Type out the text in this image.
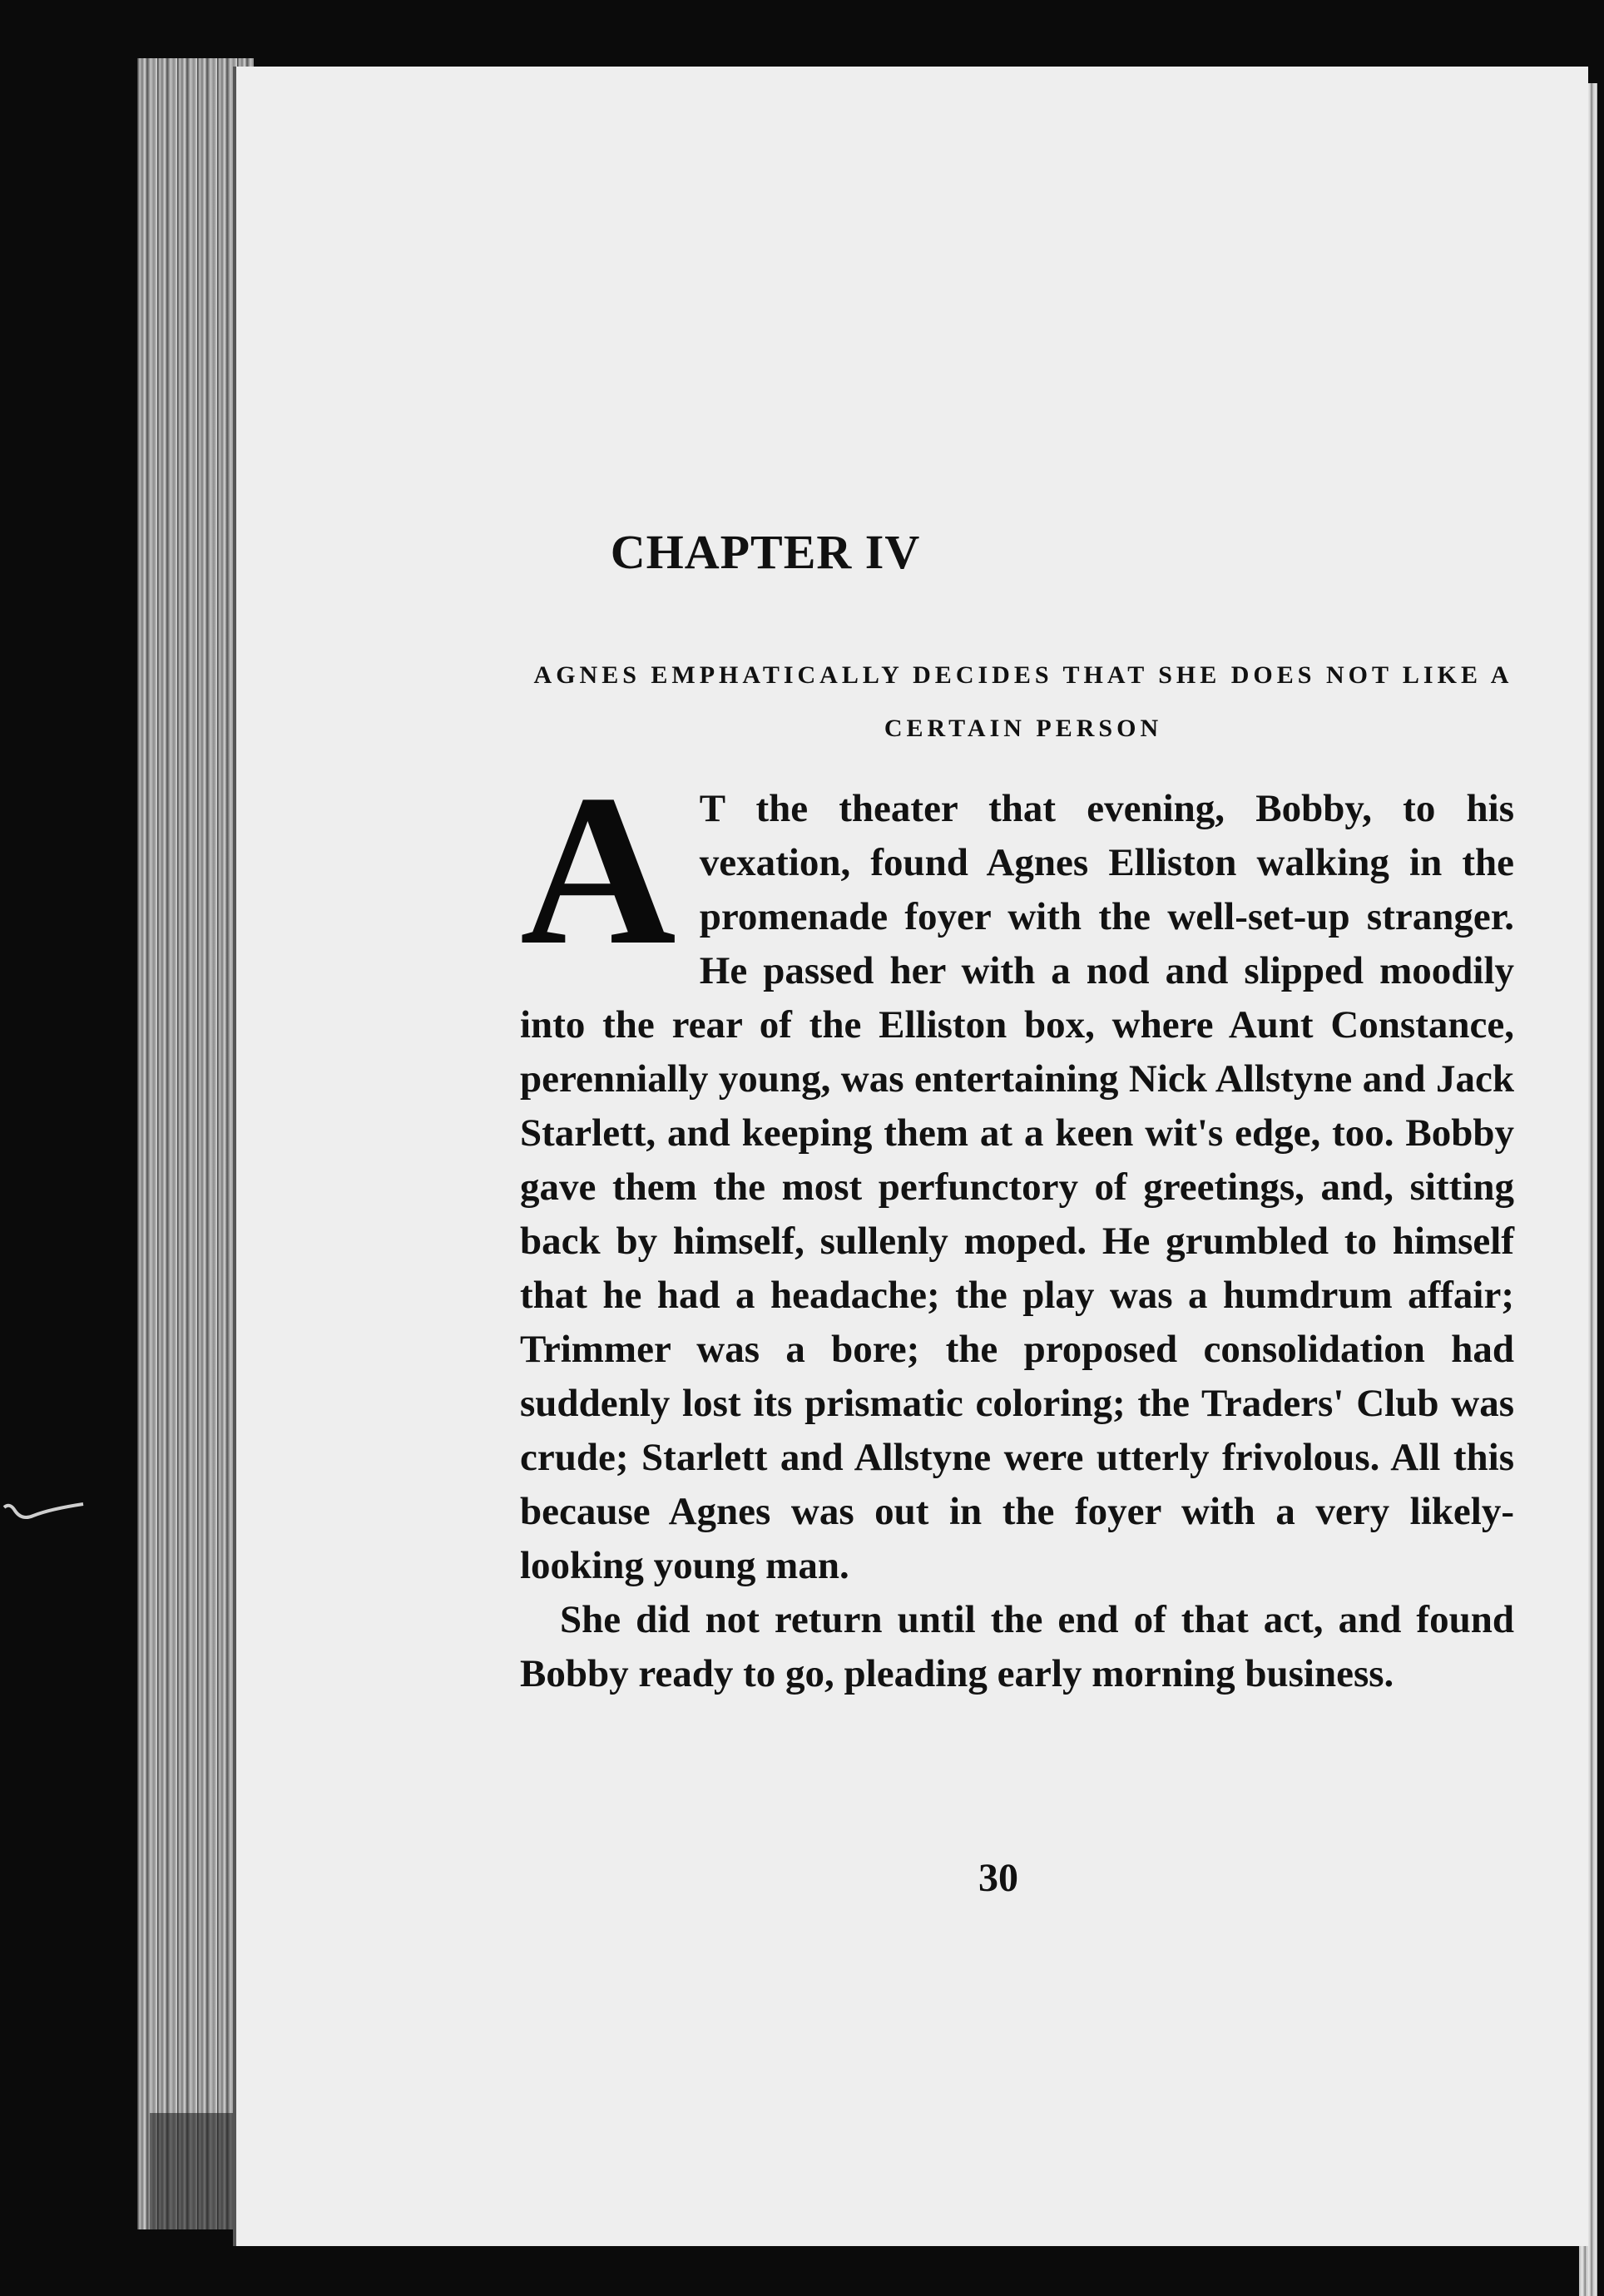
CHAPTER IV
AGNES EMPHATICALLY DECIDES THAT SHE DOES NOT LIKE A CERTAIN PERSON

A T the theater that evening, Bobby, to his vexation, found Agnes Elliston walking in the promenade foyer with the well-set-up stranger. He passed her with a nod and slipped moodily into the rear of the Elliston box, where Aunt Constance, perennially young, was entertaining Nick Allstyne and Jack Starlett, and keeping them at a keen wit's edge, too. Bobby gave them the most perfunctory of greetings, and, sitting back by himself, sullenly moped. He grumbled to himself that he had a headache; the play was a humdrum affair; Trimmer was a bore; the proposed consolidation had suddenly lost its prismatic coloring; the Traders' Club was crude; Starlett and Allstyne were utterly frivolous. All this because Agnes was out in the foyer with a very likely-looking young man.

She did not return until the end of that act, and found Bobby ready to go, pleading early morning business.

30
